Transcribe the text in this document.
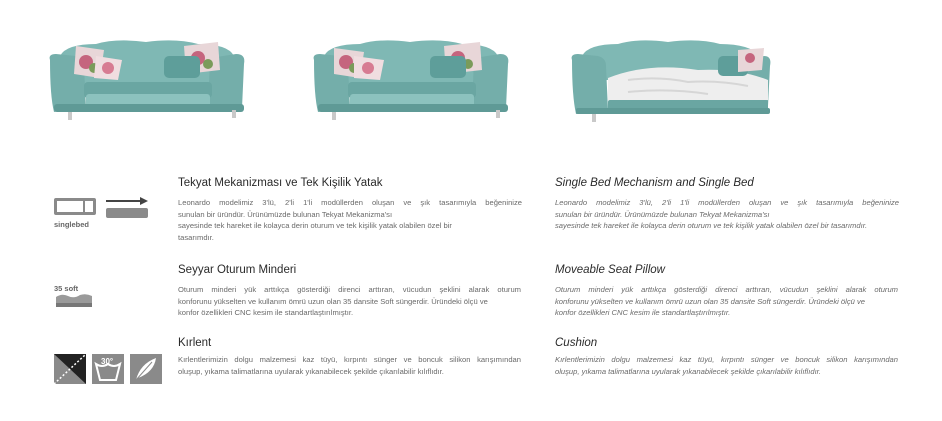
singlebed
Tekyat Mekanizması ve Tek Kişilik Yatak
Leonardo modelimiz 3'lü, 2'li 1'li modüllerden oluşan ve şık tasarımıyla beğeninize
sunulan bir üründür. Ürünümüzde bulunan Tekyat Mekanizma'sı
sayesinde tek hareket ile kolayca derin oturum ve tek kişilik yatak olabilen özel bir
tasarımdır.
Single Bed Mechanism and Single Bed
Leonardo modelimiz 3'lü, 2'li 1'li modüllerden oluşan ve şık tasarımıyla beğeninize
sunulan bir üründür. Ürünümüzde bulunan Tekyat Mekanizma'sı
sayesinde tek hareket ile kolayca derin oturum ve tek kişilik yatak olabilen özel bir tasarımdır.
35 soft
Seyyar Oturum Minderi
Oturum minderi yük arttıkça gösterdiği direnci arttıran, vücudun şeklini alarak oturum
konforunu yükselten ve kullanım ömrü uzun olan 35 dansite Soft süngerdir. Üründeki ölçü ve
konfor özellikleri CNC kesim ile standartlaştırılmıştır.
Moveable Seat Pillow
Oturum minderi yük arttıkça gösterdiği direnci arttıran, vücudun şeklini alarak oturum
konforunu yükselten ve kullanım ömrü uzun olan 35 dansite Soft süngerdir. Üründeki ölçü ve
konfor özellikleri CNC kesim ile standartlaştırılmıştır.
30°
Kırlent
Kırlentlerimizin dolgu malzemesi kaz tüyü, kırpıntı sünger ve boncuk silikon karışımından
oluşup, yıkama talimatlarına uyularak yıkanabilecek şekilde çıkarılabilir kılıflıdır.
Cushion
Kırlentlerimizin dolgu malzemesi kaz tüyü, kırpıntı sünger ve boncuk silikon karışımından
oluşup, yıkama talimatlarına uyularak yıkanabilecek şekilde çıkarılabilir kılıflıdır.
